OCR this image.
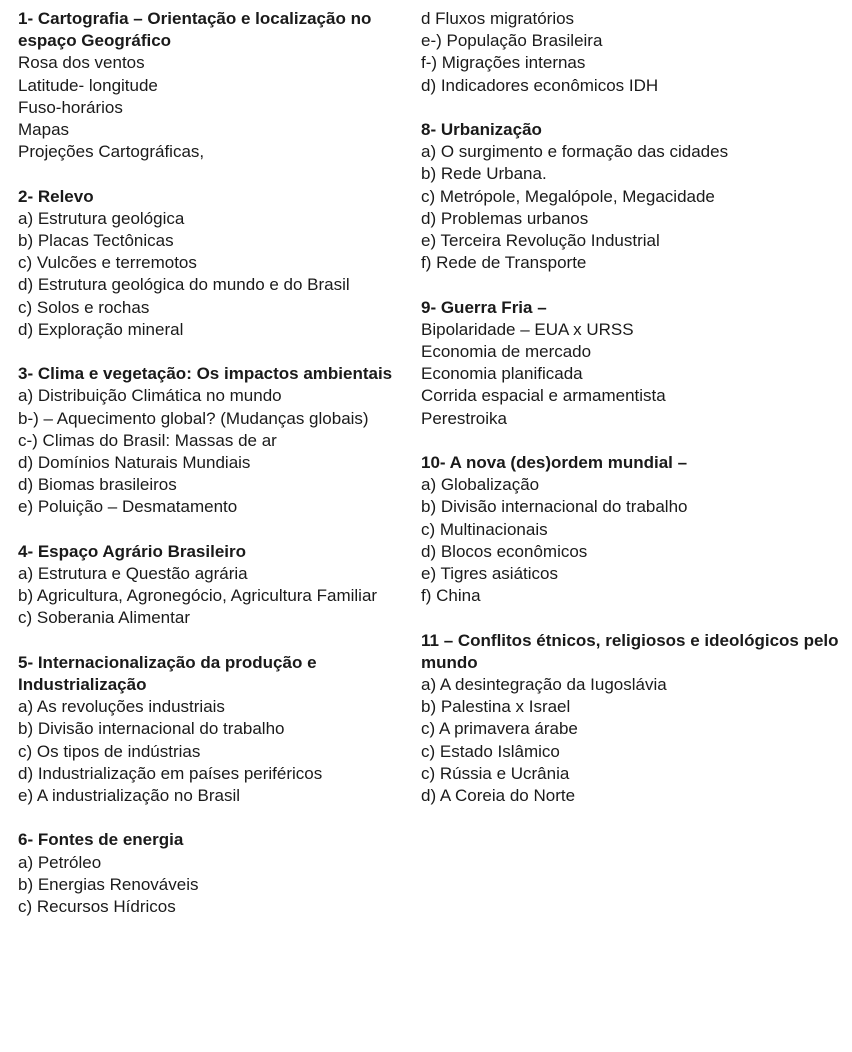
1- Cartografia – Orientação e localização no espaço Geográfico
Rosa dos ventos
Latitude- longitude
Fuso-horários
Mapas
Projeções Cartográficas,
2- Relevo
a) Estrutura geológica
b) Placas Tectônicas
c) Vulcões e terremotos
d) Estrutura geológica do mundo e do Brasil
c) Solos e rochas
d) Exploração mineral
3- Clima e vegetação: Os impactos ambientais
a) Distribuição Climática no mundo
b-) – Aquecimento global? (Mudanças globais)
c-) Climas do Brasil: Massas de ar
d) Domínios Naturais Mundiais
d) Biomas brasileiros
e) Poluição – Desmatamento
4- Espaço Agrário Brasileiro
a) Estrutura e Questão agrária
b) Agricultura, Agronegócio, Agricultura Familiar
c) Soberania Alimentar
5- Internacionalização da produção e Industrialização
a) As revoluções industriais
b) Divisão internacional do trabalho
c) Os tipos de indústrias
d) Industrialização em países periféricos
e) A industrialização no Brasil
6- Fontes de energia
a) Petróleo
b) Energias Renováveis
c) Recursos Hídricos
d Fluxos migratórios
e-) População Brasileira
f-) Migrações internas
d) Indicadores econômicos IDH
8- Urbanização
a) O surgimento e formação das cidades
b) Rede Urbana.
c) Metrópole, Megalópole, Megacidade
d) Problemas urbanos
e) Terceira Revolução Industrial
f) Rede de Transporte
9- Guerra Fria –
Bipolaridade – EUA x URSS
Economia de mercado
Economia planificada
Corrida espacial e armamentista
Perestroika
10- A nova (des)ordem mundial –
a) Globalização
b) Divisão internacional do trabalho
c) Multinacionais
d) Blocos econômicos
e) Tigres asiáticos
f) China
11 – Conflitos étnicos, religiosos e ideológicos pelo mundo
a) A desintegração da Iugoslávia
b) Palestina x Israel
c) A primavera árabe
c) Estado Islâmico
c) Rússia e Ucrânia
d) A Coreia do Norte
